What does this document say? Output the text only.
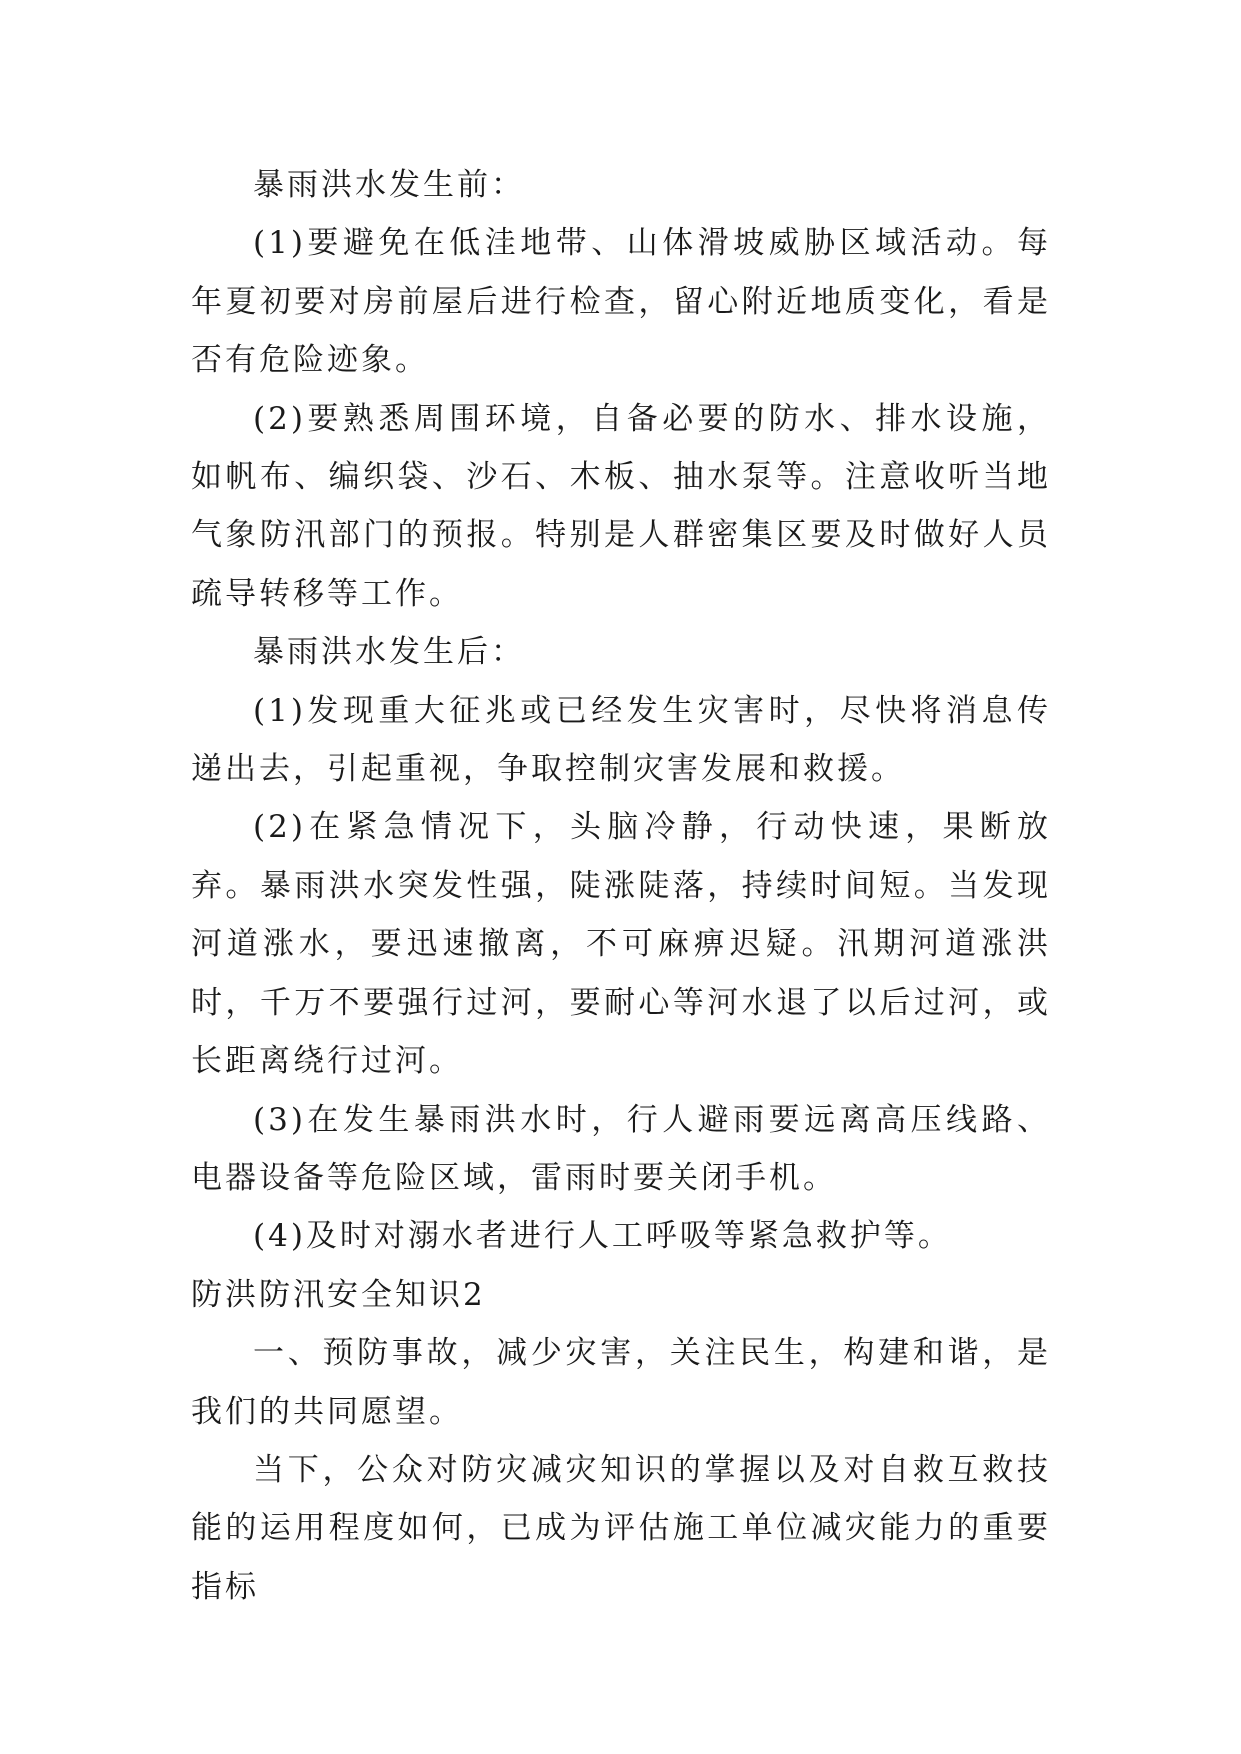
暴雨洪水发生前：

(1)要避免在低洼地带、山体滑坡威胁区域活动。每年夏初要对房前屋后进行检查，留心附近地质变化，看是否有危险迹象。

(2)要熟悉周围环境，自备必要的防水、排水设施，如帆布、编织袋、沙石、木板、抽水泵等。注意收听当地气象防汛部门的预报。特别是人群密集区要及时做好人员疏导转移等工作。

暴雨洪水发生后：

(1)发现重大征兆或已经发生灾害时，尽快将消息传递出去，引起重视，争取控制灾害发展和救援。

(2)在紧急情况下，头脑冷静，行动快速，果断放弃。暴雨洪水突发性强，陡涨陡落，持续时间短。当发现河道涨水，要迅速撤离，不可麻痹迟疑。汛期河道涨洪时，千万不要强行过河，要耐心等河水退了以后过河，或长距离绕行过河。

(3)在发生暴雨洪水时，行人避雨要远离高压线路、电器设备等危险区域，雷雨时要关闭手机。

(4)及时对溺水者进行人工呼吸等紧急救护等。

防洪防汛安全知识2

一、预防事故，减少灾害，关注民生，构建和谐，是我们的共同愿望。

当下，公众对防灾减灾知识的掌握以及对自救互救技能的运用程度如何，已成为评估施工单位减灾能力的重要指标
